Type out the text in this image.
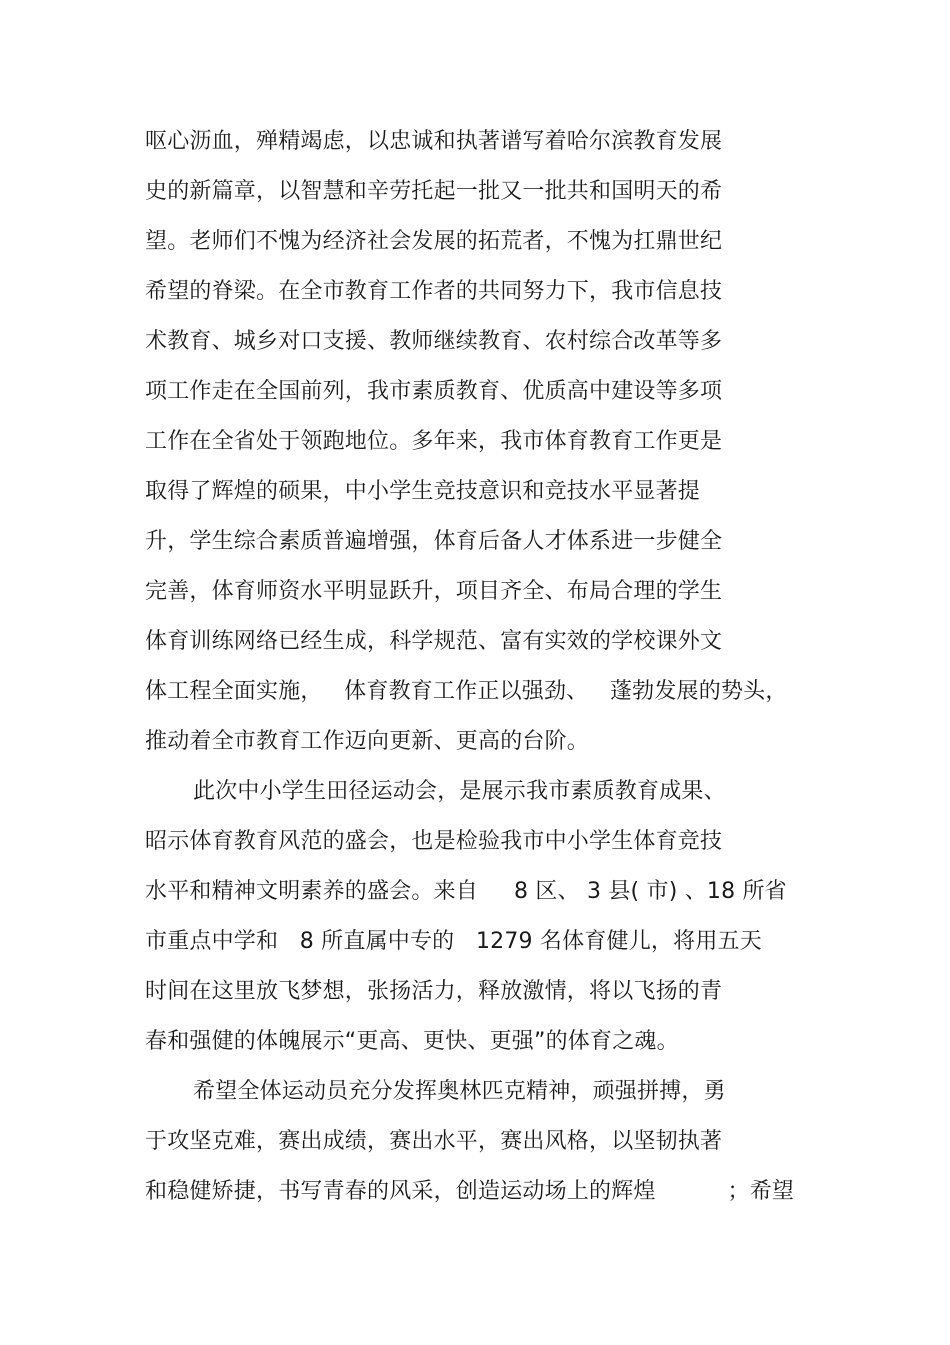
呕心沥血，殚精竭虑，以忠诚和执著谱写着哈尔滨教育发展

史的新篇章，以智慧和辛劳托起一批又一批共和国明天的希

望。老师们不愧为经济社会发展的拓荒者，不愧为扛鼎世纪

希望的脊梁。在全市教育工作者的共同努力下，我市信息技

术教育、城乡对口支援、教师继续教育、农村综合改革等多

项工作走在全国前列，我市素质教育、优质高中建设等多项

工作在全省处于领跑地位。多年来，我市体育教育工作更是

取得了辉煌的硕果，中小学生竞技意识和竞技水平显著提

升，学生综合素质普遍增强，体育后备人才体系进一步健全

完善，体育师资水平明显跃升，项目齐全、布局合理的学生

体育训练网络已经生成，科学规范、富有实效的学校课外文

体工程全面实施，   体育教育工作正以强劲、   蓬勃发展的势头，

推动着全市教育工作迈向更新、更高的台阶。

此次中小学生田径运动会，是展示我市素质教育成果、

昭示体育教育风范的盛会，也是检验我市中小学生体育竞技

水平和精神文明素养的盛会。来自     8 区、 3 县( 市) 、18 所省

市重点中学和   8 所直属中专的   1279 名体育健儿，将用五天

时间在这里放飞梦想，张扬活力，释放激情，将以飞扬的青

春和强健的体魄展示“更高、更快、更强”的体育之魂。

希望全体运动员充分发挥奥林匹克精神，顽强拼搏，勇

于攻坚克难，赛出成绩，赛出水平，赛出风格，以坚韧执著

和稳健矫捷，书写青春的风采，创造运动场上的辉煌          ；希望
